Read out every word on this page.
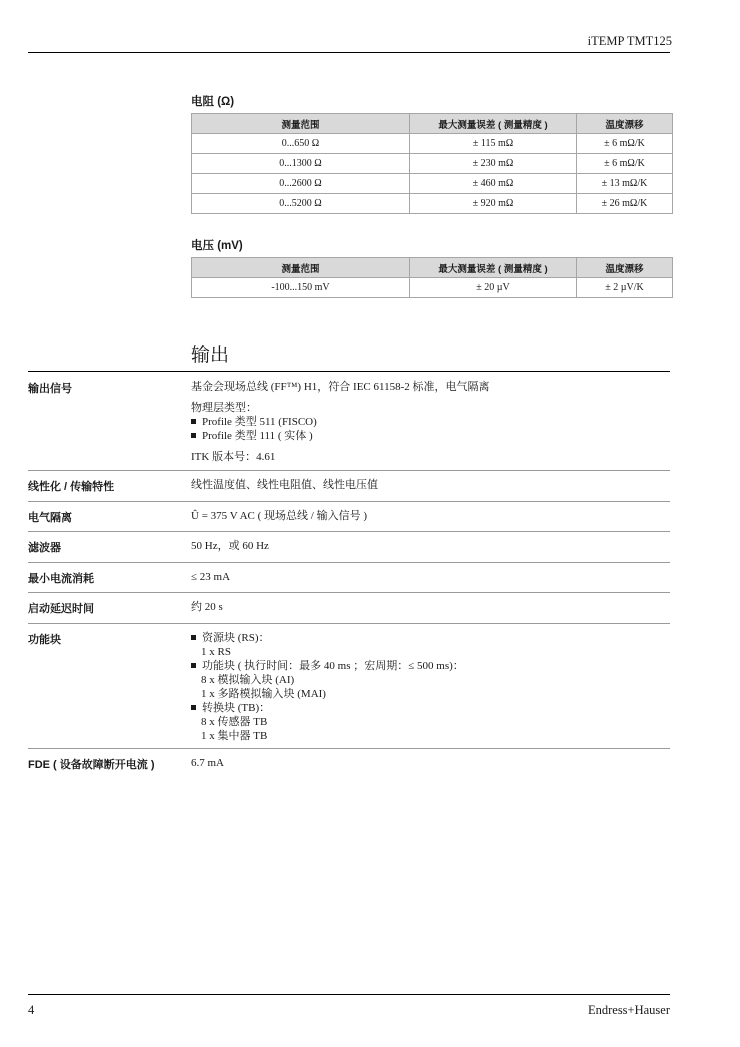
iTEMP TMT125
电阻 (Ω)
测量范围	最大测量误差 ( 测量精度 )	温度漂移
0...650 Ω	± 115 mΩ	± 6 mΩ/K
0...1300 Ω	± 230 mΩ	± 6 mΩ/K
0...2600 Ω	± 460 mΩ	± 13 mΩ/K
0...5200 Ω	± 920 mΩ	± 26 mΩ/K
电压 (mV)
测量范围	最大测量误差 ( 测量精度 )	温度漂移
-100...150 mV	± 20 µV	± 2 µV/K
输出
输出信号	基金会现场总线 (FF™) H1，符合 IEC 61158-2 标准，电气隔离
物理层类型：
Profile 类型 511 (FISCO)
Profile 类型 111 ( 实体 )
ITK 版本号：4.61
线性化 / 传输特性	线性温度值、线性电阻值、线性电压值
电气隔离	Û = 375 V AC ( 现场总线 / 输入信号 )
滤波器	50 Hz，或 60 Hz
最小电流消耗	≤ 23 mA
启动延迟时间	约 20 s
功能块	资源块 (RS)：
1 x RS
功能块 ( 执行时间：最多 40 ms ；宏周期：≤ 500 ms)：
8 x 模拟输入块 (AI)
1 x 多路模拟输入块 (MAI)
转换块 (TB)：
8 x 传感器 TB
1 x 集中器 TB
FDE ( 设备故障断开电流 )	6.7 mA
4	Endress+Hauser
